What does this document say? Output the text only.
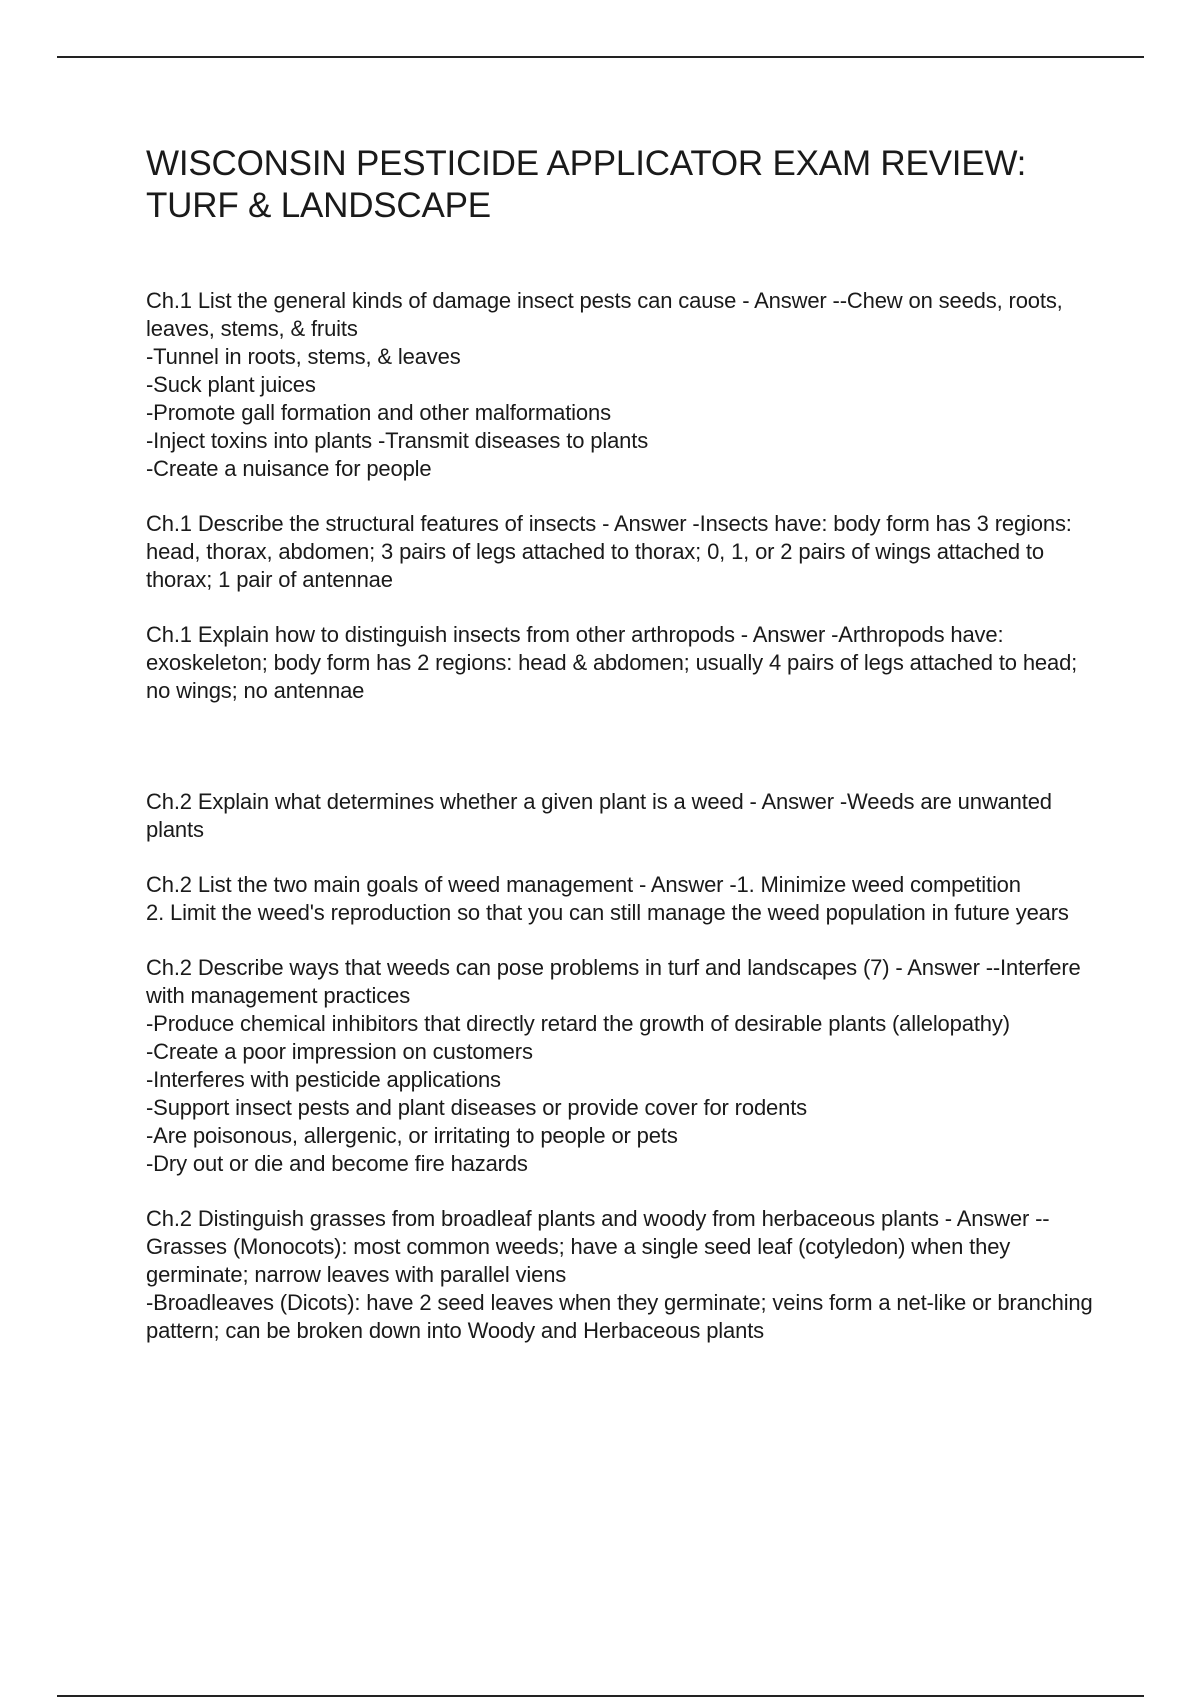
WISCONSIN PESTICIDE APPLICATOR EXAM REVIEW:
TURF & LANDSCAPE

Ch.1 List the general kinds of damage insect pests can cause - Answer --Chew on seeds, roots, leaves, stems, & fruits
-Tunnel in roots, stems, & leaves
-Suck plant juices
-Promote gall formation and other malformations
-Inject toxins into plants -Transmit diseases to plants
-Create a nuisance for people

Ch.1 Describe the structural features of insects - Answer -Insects have: body form has 3 regions: head, thorax, abdomen; 3 pairs of legs attached to thorax; 0, 1, or 2 pairs of wings attached to thorax; 1 pair of antennae

Ch.1 Explain how to distinguish insects from other arthropods - Answer -Arthropods have: exoskeleton; body form has 2 regions: head & abdomen; usually 4 pairs of legs attached to head; no wings; no antennae

Ch.2 Explain what determines whether a given plant is a weed - Answer -Weeds are unwanted plants

Ch.2 List the two main goals of weed management - Answer -1. Minimize weed competition
2. Limit the weed's reproduction so that you can still manage the weed population in future years

Ch.2 Describe ways that weeds can pose problems in turf and landscapes (7) - Answer --Interfere with management practices
-Produce chemical inhibitors that directly retard the growth of desirable plants (allelopathy)
-Create a poor impression on customers
-Interferes with pesticide applications
-Support insect pests and plant diseases or provide cover for rodents
-Are poisonous, allergenic, or irritating to people or pets
-Dry out or die and become fire hazards

Ch.2 Distinguish grasses from broadleaf plants and woody from herbaceous plants - Answer --Grasses (Monocots): most common weeds; have a single seed leaf (cotyledon) when they germinate; narrow leaves with parallel viens
-Broadleaves (Dicots): have 2 seed leaves when they germinate; veins form a net-like or branching pattern; can be broken down into Woody and Herbaceous plants
